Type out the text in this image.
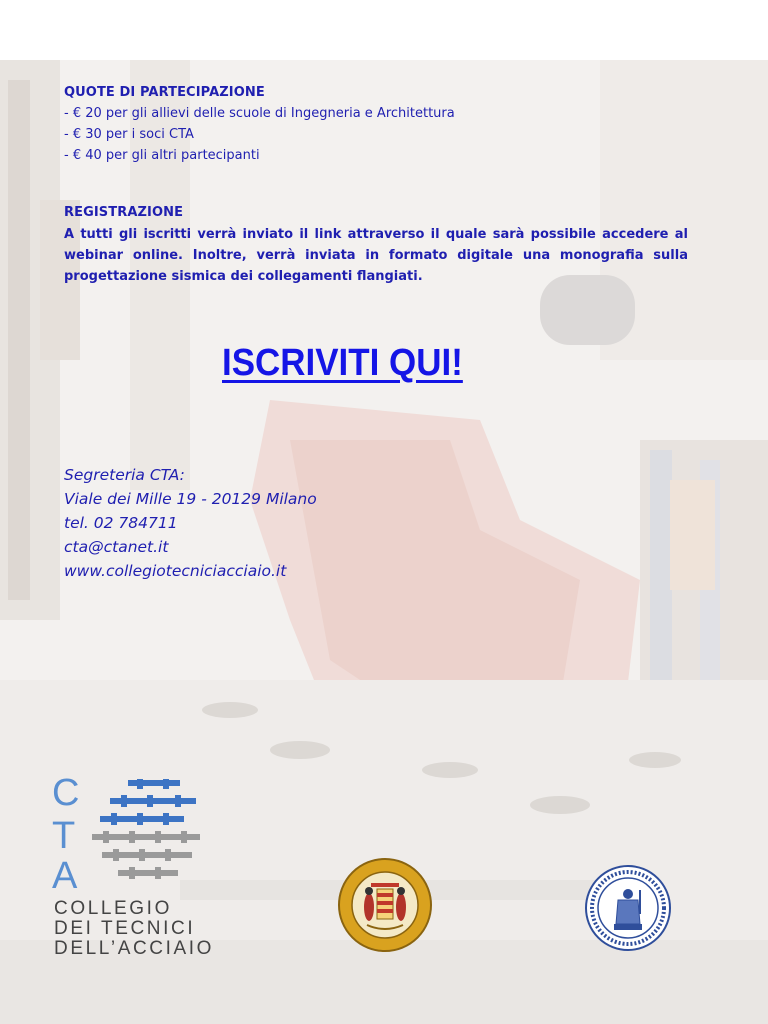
QUOTE DI PARTECIPAZIONE
- € 20 per gli allievi delle scuole di Ingegneria e Architettura
- € 30 per i soci CTA
- € 40 per gli altri partecipanti
REGISTRAZIONE
A tutti gli iscritti verrà inviato il link attraverso il quale sarà possibile accedere al webinar online. Inoltre, verrà inviata in formato digitale una monografia sulla progettazione sismica dei collegamenti flangiati.
ISCRIVITI QUI!
Segreteria CTA:
Viale dei Mille 19 - 20129 Milano
tel. 02 784711
cta@ctanet.it
www.collegiotecniciacciaio.it
C
T
A
COLLEGIO
DEI TECNICI
DELL’ACCIAIO
